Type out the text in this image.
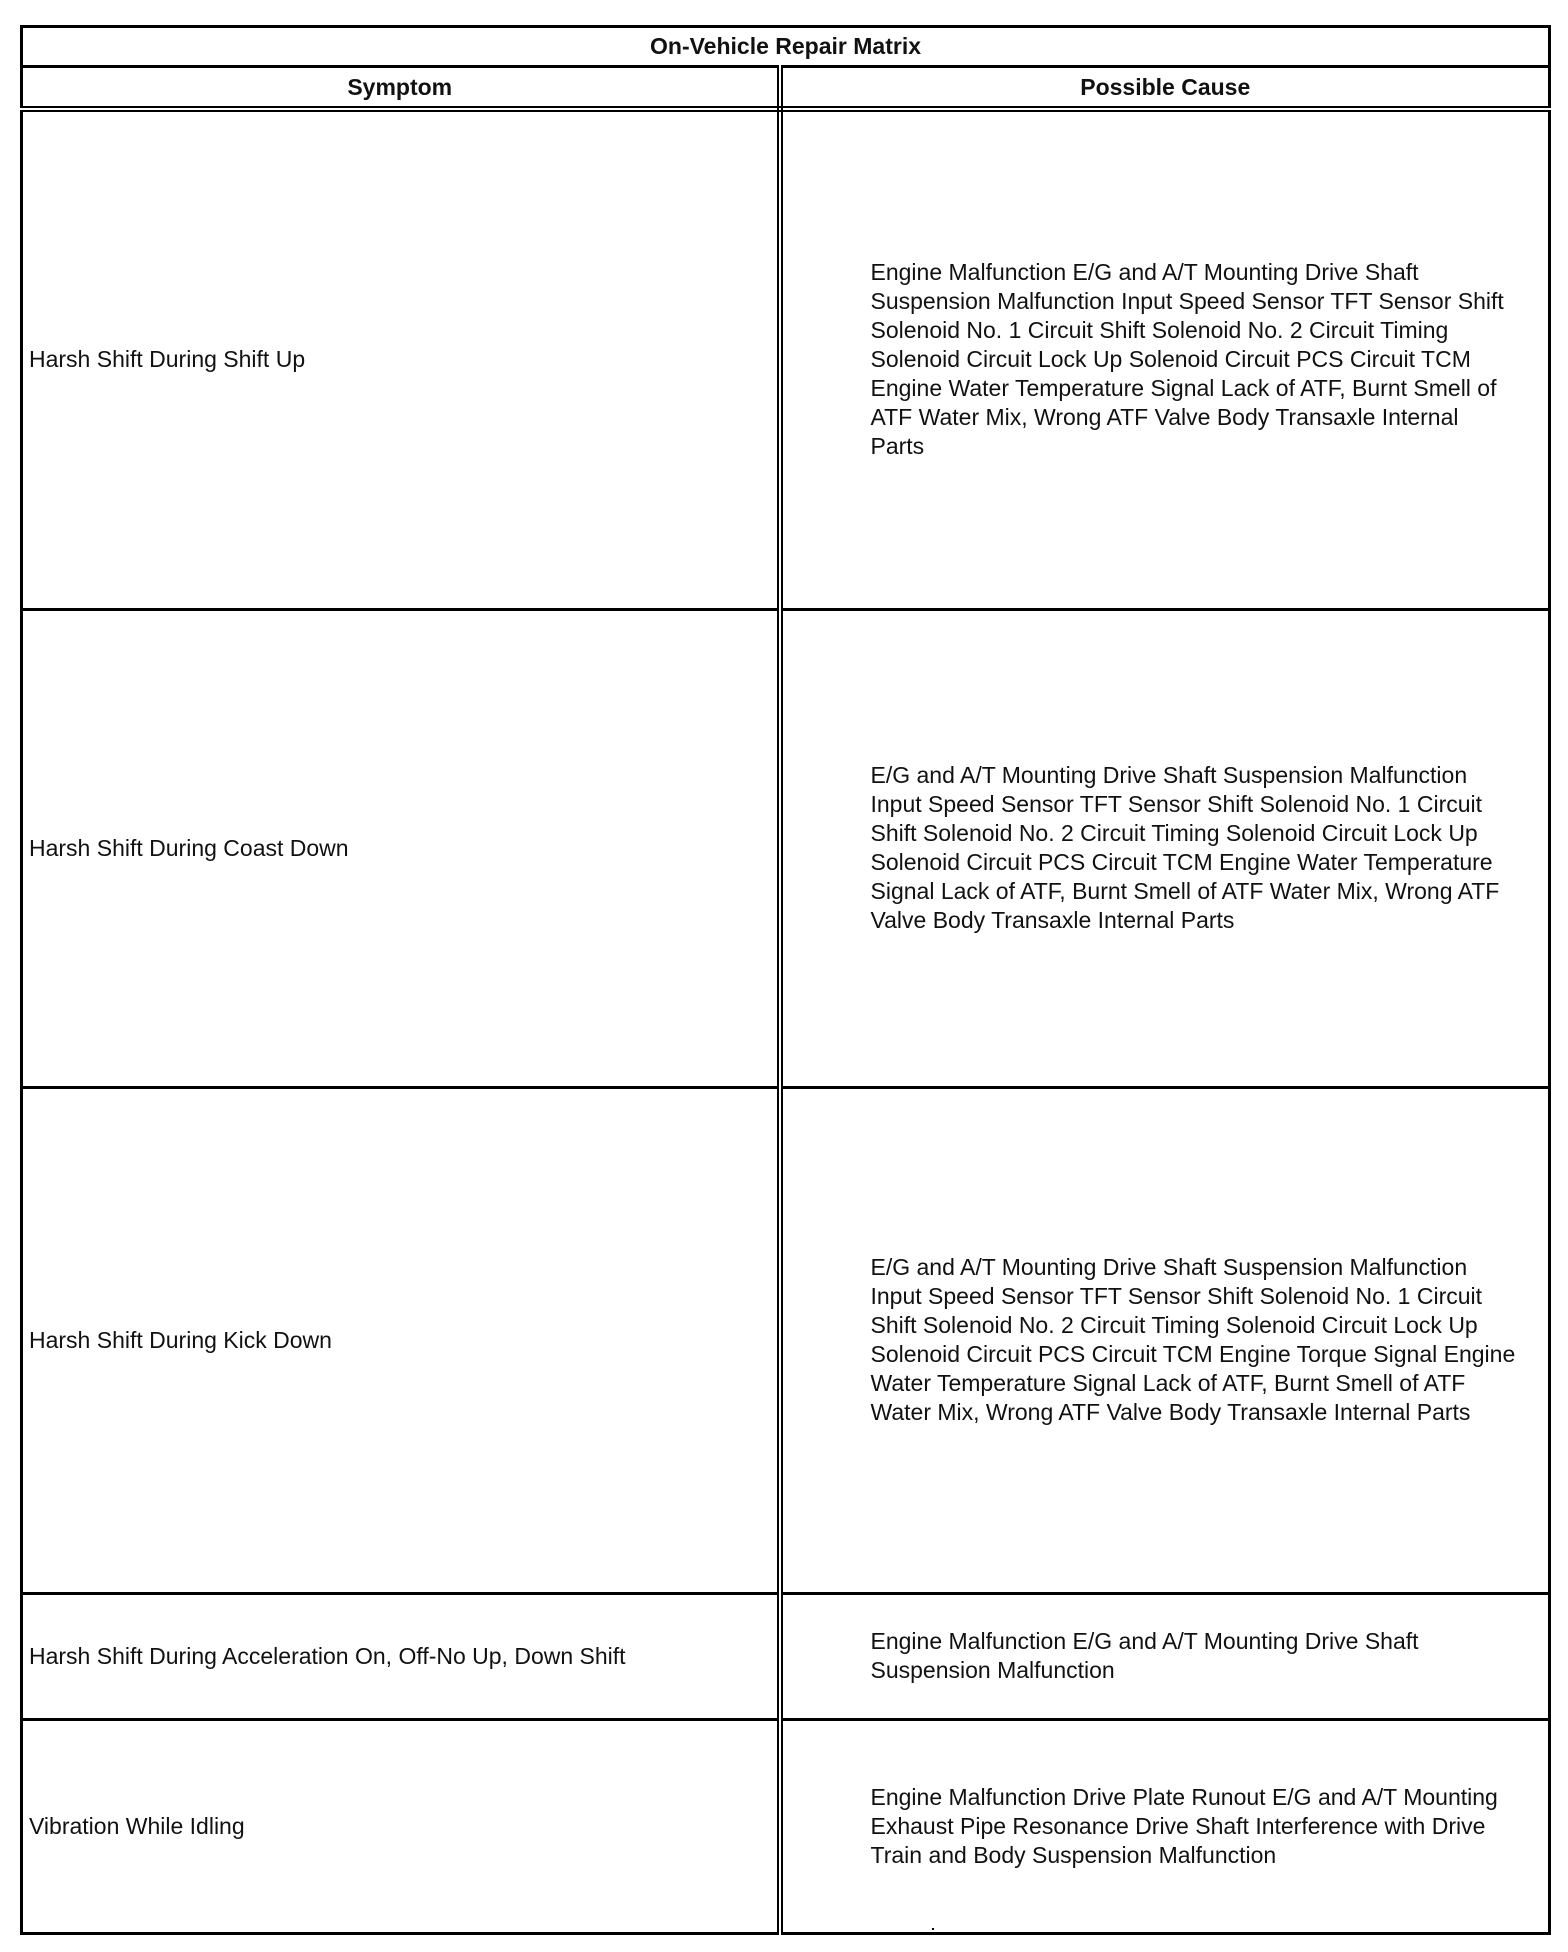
On-Vehicle Repair Matrix	
Symptom	Possible Cause
Harsh Shift During Shift Up	Engine Malfunction E/G and A/T Mounting Drive Shaft Suspension Malfunction Input Speed Sensor TFT Sensor Shift Solenoid No. 1 Circuit Shift Solenoid No. 2 Circuit Timing Solenoid Circuit Lock Up Solenoid Circuit PCS Circuit TCM Engine Water Temperature Signal Lack of ATF, Burnt Smell of ATF Water Mix, Wrong ATF Valve Body Transaxle Internal Parts
Harsh Shift During Coast Down	E/G and A/T Mounting Drive Shaft Suspension Malfunction Input Speed Sensor TFT Sensor Shift Solenoid No. 1 Circuit Shift Solenoid No. 2 Circuit Timing Solenoid Circuit Lock Up Solenoid Circuit PCS Circuit TCM Engine Water Temperature Signal Lack of ATF, Burnt Smell of ATF Water Mix, Wrong ATF Valve Body Transaxle Internal Parts
Harsh Shift During Kick Down	E/G and A/T Mounting Drive Shaft Suspension Malfunction Input Speed Sensor TFT Sensor Shift Solenoid No. 1 Circuit Shift Solenoid No. 2 Circuit Timing Solenoid Circuit Lock Up Solenoid Circuit PCS Circuit TCM Engine Torque Signal Engine Water Temperature Signal Lack of ATF, Burnt Smell of ATF Water Mix, Wrong ATF Valve Body Transaxle Internal Parts
Harsh Shift During Acceleration On, Off-No Up, Down Shift	Engine Malfunction E/G and A/T Mounting Drive Shaft Suspension Malfunction
Vibration While Idling	Engine Malfunction Drive Plate Runout E/G and A/T Mounting Exhaust Pipe Resonance Drive Shaft Interference with Drive Train and Body Suspension Malfunction
